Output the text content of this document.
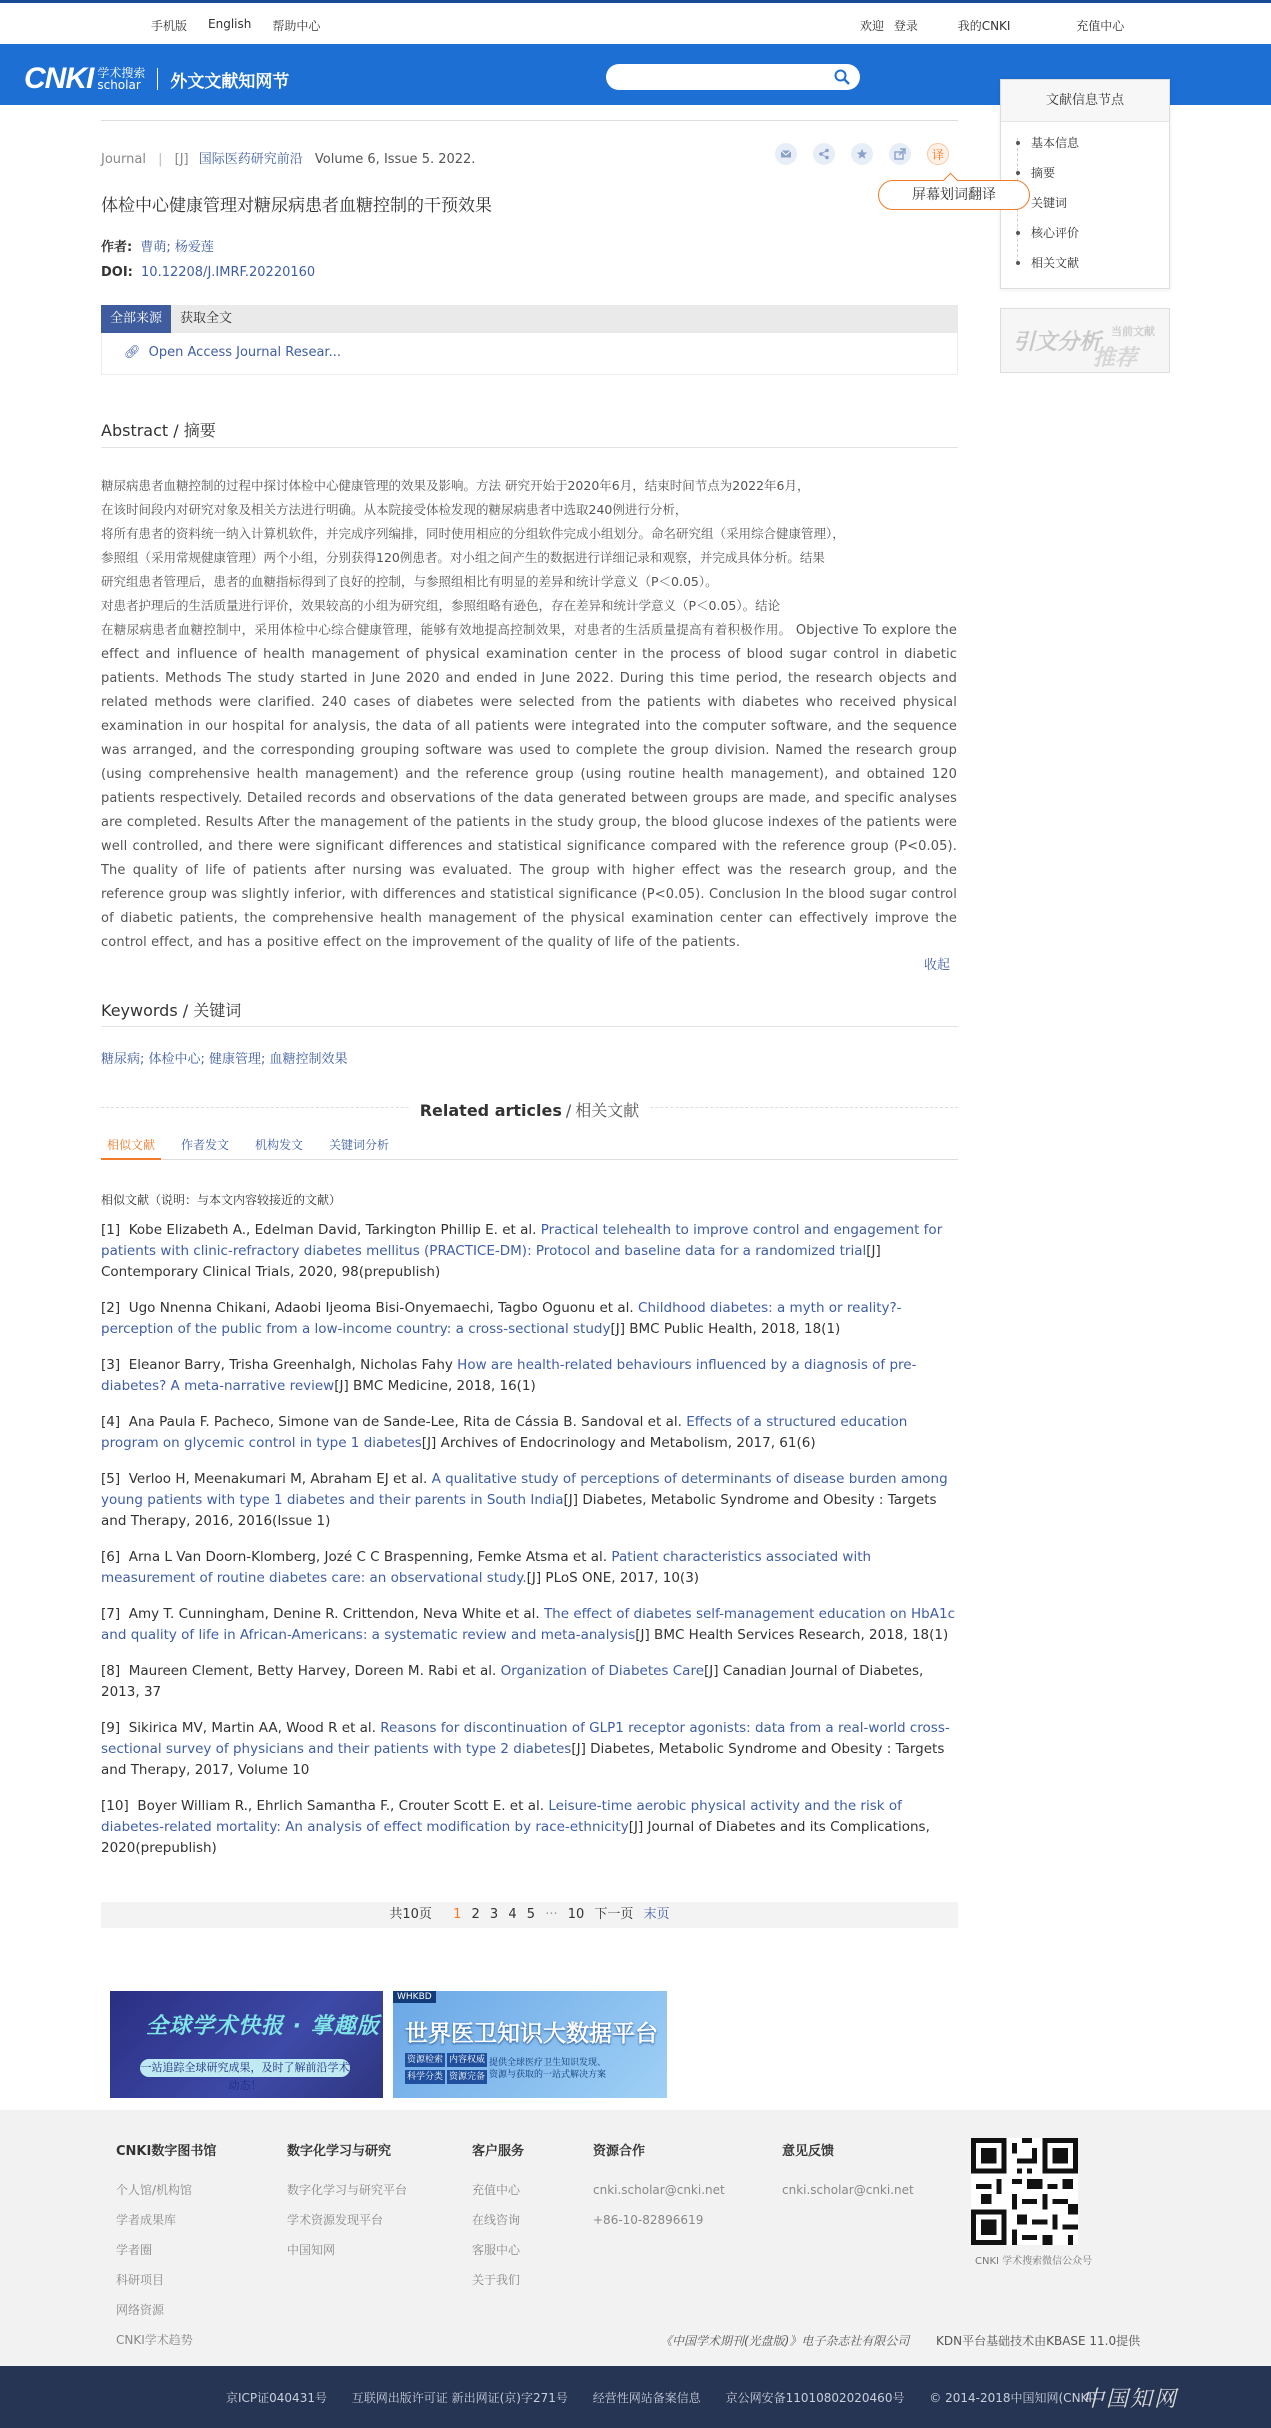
手机版 English 帮助中心	欢迎 登录	我的CNKI	充值中心
CNKI 学术搜索
scholar 外文文献知网节
文献信息节点
基本信息
摘要
关键词
核心评价
相关文献
引文分析
推荐
当前文献
Journal | [J] 国际医药研究前沿 Volume 6, Issue 5. 2022.	译
屏幕划词翻译
体检中心健康管理对糖尿病患者血糖控制的干预效果
作者: 曹萌; 杨爱莲
DOI: 10.12208/J.IMRF.20220160
全部来源	获取全文
🔗︎ Open Access Journal Resear...
Abstract / 摘要
糖尿病患者血糖控制的过程中探讨体检中心健康管理的效果及影响。方法 研究开始于2020年6月，结束时间节点为2022年6月，
在该时间段内对研究对象及相关方法进行明确。从本院接受体检发现的糖尿病患者中选取240例进行分析，
将所有患者的资料统一纳入计算机软件，并完成序列编排，同时使用相应的分组软件完成小组划分。命名研究组（采用综合健康管理），
参照组（采用常规健康管理）两个小组，分别获得120例患者。对小组之间产生的数据进行详细记录和观察，并完成具体分析。结果
研究组患者管理后，患者的血糖指标得到了良好的控制，与参照组相比有明显的差异和统计学意义（P＜0.05）。
对患者护理后的生活质量进行评价，效果较高的小组为研究组，参照组略有逊色，存在差异和统计学意义（P＜0.05）。结论
在糖尿病患者血糖控制中，采用体检中心综合健康管理，能够有效地提高控制效果，对患者的生活质量提高有着积极作用。 Objective To explore the effect and influence of health management of physical examination center in the process of blood sugar control in diabetic patients. Methods The study started in June 2020 and ended in June 2022. During this time period, the research objects and related methods were clarified. 240 cases of diabetes were selected from the patients with diabetes who received physical examination in our hospital for analysis, the data of all patients were integrated into the computer software, and the sequence was arranged, and the corresponding grouping software was used to complete the group division. Named the research group (using comprehensive health management) and the reference group (using routine health management), and obtained 120 patients respectively. Detailed records and observations of the data generated between groups are made, and specific analyses are completed. Results After the management of the patients in the study group, the blood glucose indexes of the patients were well controlled, and there were significant differences and statistical significance compared with the reference group (P<0.05). The quality of life of patients after nursing was evaluated. The group with higher effect was the research group, and the reference group was slightly inferior, with differences and statistical significance (P<0.05). Conclusion In the blood sugar control of diabetic patients, the comprehensive health management of the physical examination center can effectively improve the control effect, and has a positive effect on the improvement of the quality of life of the patients.
收起
Keywords / 关键词
糖尿病; 体检中心; 健康管理; 血糖控制效果
Related articles / 相关文献
相似文献	作者发文	机构发文	关键词分析
相似文献（说明：与本文内容较接近的文献）
[1] Kobe Elizabeth A., Edelman David, Tarkington Phillip E. et al. Practical telehealth to improve control and engagement for patients with clinic-refractory diabetes mellitus (PRACTICE-DM): Protocol and baseline data for a randomized trial[J] Contemporary Clinical Trials, 2020, 98(prepublish)
[2] Ugo Nnenna Chikani, Adaobi Ijeoma Bisi-Onyemaechi, Tagbo Oguonu et al. Childhood diabetes: a myth or reality?-perception of the public from a low-income country: a cross-sectional study[J] BMC Public Health, 2018, 18(1)
[3] Eleanor Barry, Trisha Greenhalgh, Nicholas Fahy How are health-related behaviours influenced by a diagnosis of pre-diabetes? A meta-narrative review[J] BMC Medicine, 2018, 16(1)
[4] Ana Paula F. Pacheco, Simone van de Sande-Lee, Rita de Cássia B. Sandoval et al. Effects of a structured education program on glycemic control in type 1 diabetes[J] Archives of Endocrinology and Metabolism, 2017, 61(6)
[5] Verloo H, Meenakumari M, Abraham EJ et al. A qualitative study of perceptions of determinants of disease burden among young patients with type 1 diabetes and their parents in South India[J] Diabetes, Metabolic Syndrome and Obesity : Targets and Therapy, 2016, 2016(Issue 1)
[6] Arna L Van Doorn-Klomberg, Jozé C C Braspenning, Femke Atsma et al. Patient characteristics associated with measurement of routine diabetes care: an observational study.[J] PLoS ONE, 2017, 10(3)
[7] Amy T. Cunningham, Denine R. Crittendon, Neva White et al. The effect of diabetes self-management education on HbA1c and quality of life in African-Americans: a systematic review and meta-analysis[J] BMC Health Services Research, 2018, 18(1)
[8] Maureen Clement, Betty Harvey, Doreen M. Rabi et al. Organization of Diabetes Care[J] Canadian Journal of Diabetes, 2013, 37
[9] Sikirica MV, Martin AA, Wood R et al. Reasons for discontinuation of GLP1 receptor agonists: data from a real-world cross-sectional survey of physicians and their patients with type 2 diabetes[J] Diabetes, Metabolic Syndrome and Obesity : Targets and Therapy, 2017, Volume 10
[10] Boyer William R., Ehrlich Samantha F., Crouter Scott E. et al. Leisure-time aerobic physical activity and the risk of diabetes-related mortality: An analysis of effect modification by race-ethnicity[J] Journal of Diabetes and its Complications, 2020(prepublish)
共10页 1 2 3 4 5 ··· 10 下一页 末页
全球学术快报 · 掌趣版
一站追踪全球研究成果，及时了解前沿学术动态！
WHKBD
世界医卫知识大数据平台
资源检索 内容权威
科学分类 资源完备
提供全球医疗卫生知识发现、
资源与获取的一站式解决方案
CNKI数字图书馆

个人馆/机构馆

学者成果库

学者圈

科研项目

网络资源

CNKI学术趋势

数字化学习与研究

数字化学习与研究平台

学术资源发现平台

中国知网

客户服务

充值中心

在线咨询

客服中心

关于我们

资源合作

cnki.scholar@cnki.net

+86-10-82896619

意见反馈

cnki.scholar@cnki.net

CNKI 学术搜索微信公众号
《中国学术期刊(光盘版)》电子杂志社有限公司 KDN平台基础技术由KBASE 11.0提供
京ICP证040431号 互联网出版许可证 新出网证(京)字271号 经营性网站备案信息 京公网安备11010802020460号 © 2014-2018中国知网(CNKI)
中国知网
